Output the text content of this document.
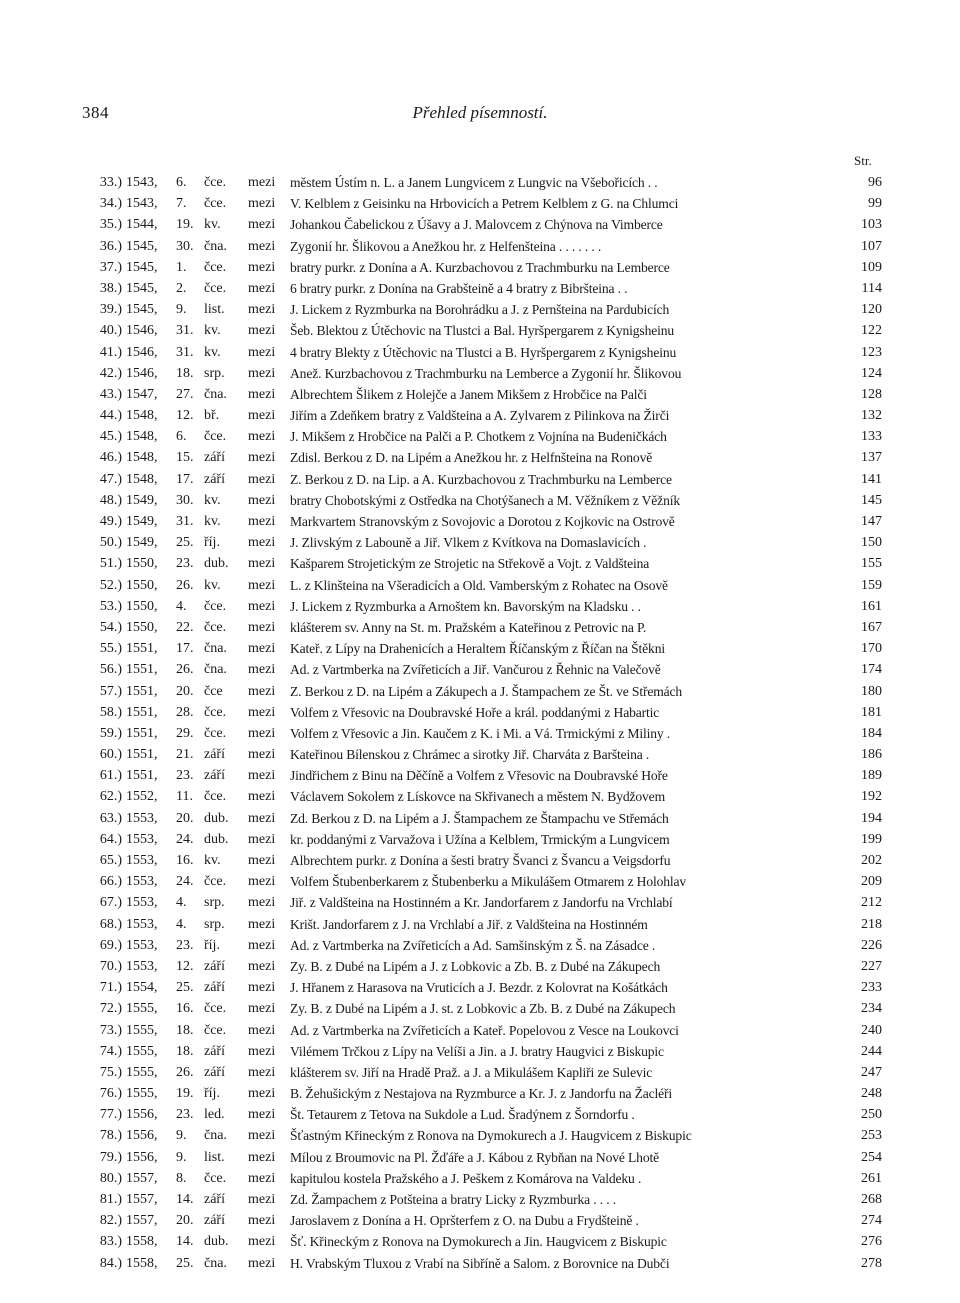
384	Přehled písemností.
Str.
33.) 1543,	6.	čce.	mezi	městem Ústím n. L. a Janem Lungvicem z Lungvic na Všebořicích . .	96
34.) 1543,	7.	čce.	mezi	V. Kelblem z Geisinku na Hrbovicích a Petrem Kelblem z G. na Chlumci	99
35.) 1544,	19. kv.	mezi	Johankou Čabelickou z Úšavy a J. Malovcem z Chýnova na Vimberce	103
36.) 1545,	30. čna.	mezi	Zygonií hr. Šlikovou a Anežkou hr. z Helfenšteina . . . . . . .	107
37.) 1545,	1.	čce.	mezi	bratry purkr. z Donína a A. Kurzbachovou z Trachmburku na Lemberce	109
38.) 1545,	2.	čce.	mezi	6 bratry purkr. z Donína na Grabšteině a 4 bratry z Bibršteina . .	114
39.) 1545,	9.	list.	mezi	J. Lickem z Ryzmburka na Borohrádku a J. z Pernšteina na Pardubicích	120
40.) 1546,	31. kv.	mezi	Šeb. Blektou z Útěchovic na Tlustci a Bal. Hyršpergarem z Kynigsheinu	122
41.) 1546,	31. kv.	mezi	4 bratry Blekty z Útěchovic na Tlustci a B. Hyršpergarem z Kynigsheinu	123
42.) 1546,	18. srp.	mezi	Anež. Kurzbachovou z Trachmburku na Lemberce a Zygonií hr. Šlikovou	124
43.) 1547,	27. čna.	mezi	Albrechtem Šlikem z Holejče a Janem Mikšem z Hrobčice na Palči	128
44.) 1548,	12. bř.	mezi	Jiřím a Zdeňkem bratry z Valdšteina a A. Zylvarem z Pilinkova na Žirči	132
45.) 1548,	6.	čce.	mezi	J. Mikšem z Hrobčice na Palči a P. Chotkem z Vojnína na Budeničkách	133
46.) 1548,	15. září	mezi	Zdisl. Berkou z D. na Lipém a Anežkou hr. z Helfnšteina na Ronově	137
47.) 1548,	17. září	mezi	Z. Berkou z D. na Lip. a A. Kurzbachovou z Trachmburku na Lemberce	141
48.) 1549,	30. kv.	mezi	bratry Chobotskými z Ostředka na Chotýšanech a M. Věžníkem z Věžník	145
49.) 1549,	31. kv.	mezi	Markvartem Stranovským z Sovojovic a Dorotou z Kojkovic na Ostrově	147
50.) 1549,	25. říj.	mezi	J. Zlivským z Labouně a Jiř. Vlkem z Kvítkova na Domaslavicích .	150
51.) 1550,	23. dub.	mezi	Kašparem Strojetickým ze Strojetic na Střekově a Vojt. z Valdšteina	155
52.) 1550,	26. kv.	mezi	L. z Klinšteina na Všeradicích a Old. Vamberským z Rohatec na Osově	159
53.) 1550,	4.	čce.	mezi	J. Lickem z Ryzmburka a Arnoštem kn. Bavorským na Kladsku . .	161
54.) 1550,	22. čce.	mezi	klášterem sv. Anny na St. m. Pražském a Kateřinou z Petrovic na P.	167
55.) 1551,	17. čna.	mezi	Kateř. z Lípy na Drahenicích a Heraltem Říčanským z Říčan na Štěkni	170
56.) 1551,	26. čna.	mezi	Ad. z Vartmberka na Zvířeticích a Jiř. Vančurou z Řehnic na Valečově	174
57.) 1551,	20. čce	mezi	Z. Berkou z D. na Lipém a Zákupech a J. Štampachem ze Št. ve Střemách	180
58.) 1551,	28. čce.	mezi	Volfem z Vřesovic na Doubravské Hoře a král. poddanými z Habartic	181
59.) 1551,	29. čce.	mezi	Volfem z Vřesovic a Jin. Kaučem z K. i Mi. a Vá. Trmickými z Miliny .	184
60.) 1551,	21. září	mezi	Kateřinou Bílenskou z Chrámec a sirotky Jiř. Charváta z Baršteina .	186
61.) 1551,	23. září	mezi	Jindřichem z Binu na Děčíně a Volfem z Vřesovic na Doubravské Hoře	189
62.) 1552,	11. čce.	mezi	Václavem Sokolem z Lískovce na Skřivanech a městem N. Bydžovem	192
63.) 1553,	20. dub.	mezi	Zd. Berkou z D. na Lipém a J. Štampachem ze Štampachu ve Střemách	194
64.) 1553,	24. dub.	mezi	kr. poddanými z Varvažova i Užína a Kelblem, Trmickým a Lungvicem	199
65.) 1553,	16. kv.	mezi	Albrechtem purkr. z Donína a šesti bratry Švanci z Švancu a Veigsdorfu	202
66.) 1553,	24. čce.	mezi	Volfem Štubenberkarem z Štubenberku a Mikulášem Otmarem z Holohlav	209
67.) 1553,	4.	srp.	mezi	Jiř. z Valdšteina na Hostinném a Kr. Jandorfarem z Jandorfu na Vrchlabí	212
68.) 1553,	4.	srp.	mezi	Krišt. Jandorfarem z J. na Vrchlabí a Jiř. z Valdšteina na Hostinném	218
69.) 1553,	23. říj.	mezi	Ad. z Vartmberka na Zvířeticích a Ad. Samšinským z Š. na Zásadce .	226
70.) 1553,	12. září	mezi	Zy. B. z Dubé na Lipém a J. z Lobkovic a Zb. B. z Dubé na Zákupech	227
71.) 1554,	25. září	mezi	J. Hřanem z Harasova na Vruticích a J. Bezdr. z Kolovrat na Košátkách	233
72.) 1555,	16. čce.	mezi	Zy. B. z Dubé na Lipém a J. st. z Lobkovic a Zb. B. z Dubé na Zákupech	234
73.) 1555,	18. čce.	mezi	Ad. z Vartmberka na Zvířeticích a Kateř. Popelovou z Vesce na Loukovci	240
74.) 1555,	18. září	mezi	Vilémem Trčkou z Lípy na Velíši a Jin. a J. bratry Haugvici z Biskupic	244
75.) 1555,	26. září	mezi	klášterem sv. Jiří na Hradě Praž. a J. a Mikulášem Kapliři ze Sulevic	247
76.) 1555,	19. říj.	mezi	B. Žehušickým z Nestajova na Ryzmburce a Kr. J. z Jandorfu na Žacléři	248
77.) 1556,	23. led.	mezi	Št. Tetaurem z Tetova na Sukdole a Lud. Šradýnem z Šorndorfu .	250
78.) 1556,	9.	čna.	mezi	Šťastným Křineckým z Ronova na Dymokurech a J. Haugvicem z Biskupic	253
79.) 1556,	9.	list.	mezi	Mílou z Broumovic na Pl. Žďáře a J. Kábou z Rybňan na Nové Lhotě	254
80.) 1557,	8.	čce.	mezi	kapitulou kostela Pražského a J. Peškem z Komárova na Valdeku .	261
81.) 1557,	14. září	mezi	Zd. Žampachem z Potšteina a bratry Licky z Ryzmburka . . . .	268
82.) 1557,	20. září	mezi	Jaroslavem z Donína a H. Opršterfem z O. na Dubu a Frydšteině .	274
83.) 1558,	14. dub.	mezi	Šť. Křineckým z Ronova na Dymokurech a Jin. Haugvicem z Biskupic	276
84.) 1558,	25. čna.	mezi	H. Vrabským Tluxou z Vrabí na Sibříně a Salom. z Borovnice na Dubči	278
